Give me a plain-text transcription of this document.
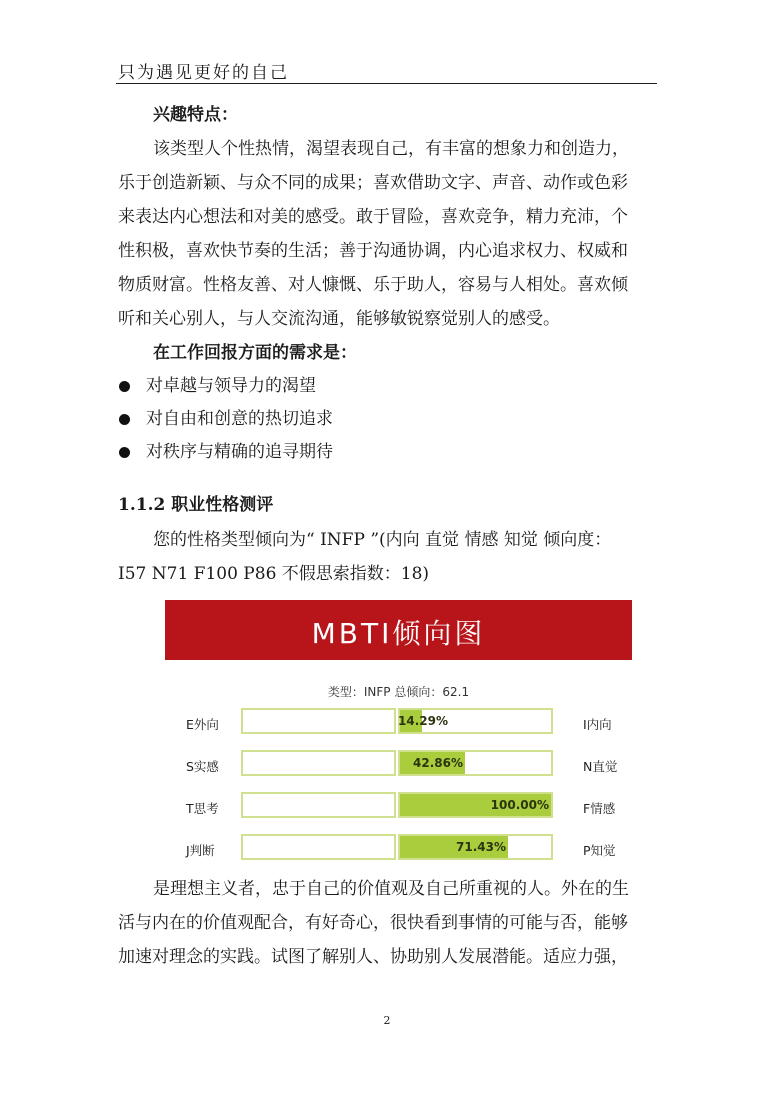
只为遇见更好的自己
兴趣特点：
该类型人个性热情，渴望表现自己，有丰富的想象力和创造力，
乐于创造新颖、与众不同的成果；喜欢借助文字、声音、动作或色彩
来表达内心想法和对美的感受。敢于冒险，喜欢竞争，精力充沛，个
性积极，喜欢快节奏的生活；善于沟通协调，内心追求权力、权威和
物质财富。性格友善、对人慷慨、乐于助人，容易与人相处。喜欢倾
听和关心别人，与人交流沟通，能够敏锐察觉别人的感受。
在工作回报方面的需求是：
对卓越与领导力的渴望
对自由和创意的热切追求
对秩序与精确的追寻期待
1.1.2 职业性格测评
您的性格类型倾向为“ INFP ”(内向 直觉 情感 知觉 倾向度：
I57 N71 F100 P86 不假思索指数：18)
MBTI倾向图
类型：INFP 总倾向：62.1
E外向	14.29%	I内向
S实感	42.86%	N直觉
T思考	100.00%	F情感
J判断	71.43%	P知觉
是理想主义者，忠于自己的价值观及自己所重视的人。外在的生
活与内在的价值观配合，有好奇心，很快看到事情的可能与否，能够
加速对理念的实践。试图了解别人、协助别人发展潜能。适应力强，
2
